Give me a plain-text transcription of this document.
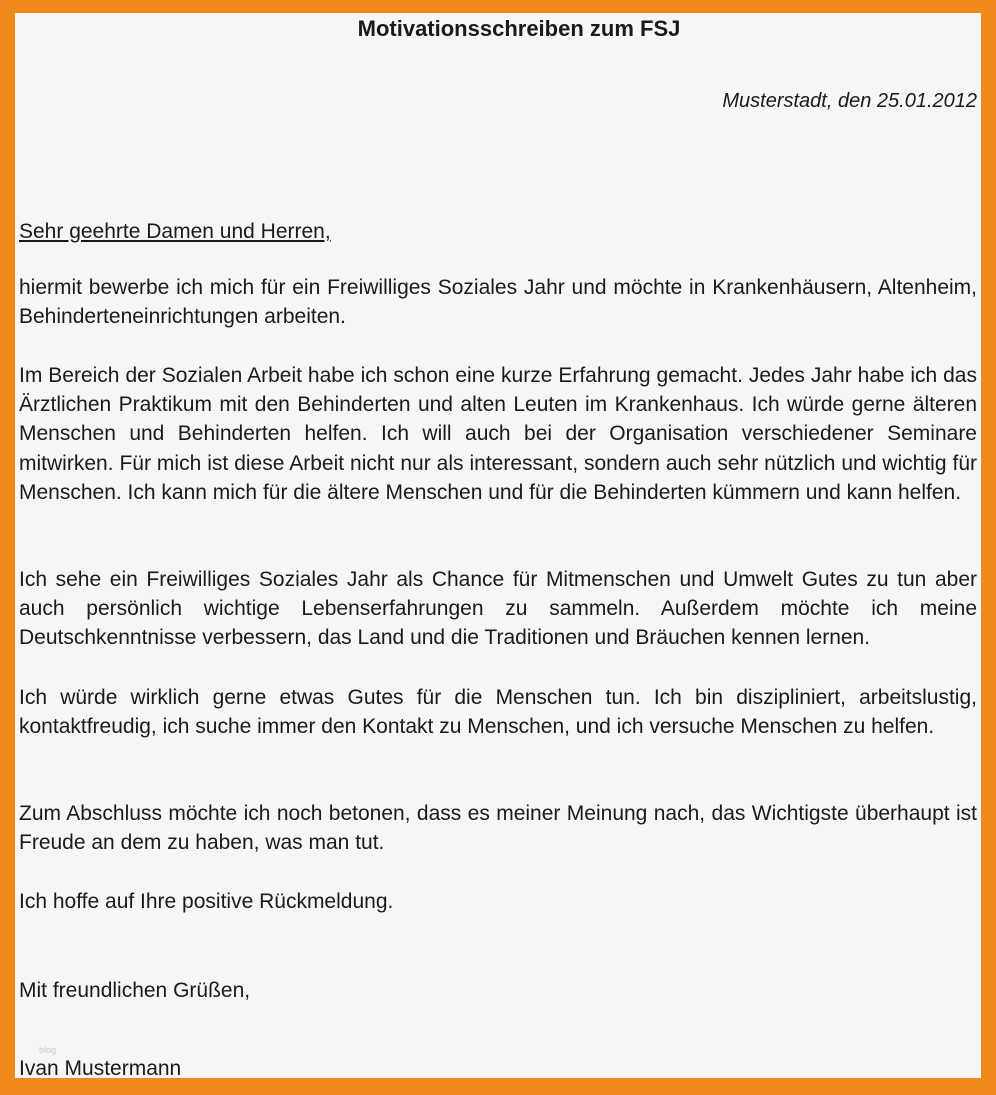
Motivationsschreiben zum FSJ
Musterstadt, den 25.01.2012
Sehr geehrte Damen und Herren,

hiermit bewerbe ich mich für ein Freiwilliges Soziales Jahr und möchte in Krankenhäusern, Altenheim, Behinderteneinrichtungen arbeiten.

Im Bereich der Sozialen Arbeit habe ich schon eine kurze Erfahrung gemacht. Jedes Jahr habe ich das Ärztlichen Praktikum mit den Behinderten und alten Leuten im Krankenhaus. Ich würde gerne älteren Menschen und Behinderten helfen. Ich will auch bei der Organisation verschiedener Seminare mitwirken. Für mich ist diese Arbeit nicht nur als interessant, sondern auch sehr nützlich und wichtig für Menschen. Ich kann mich für die ältere Menschen und für die Behinderten kümmern und kann helfen.

Ich sehe ein Freiwilliges Soziales Jahr als Chance für Mitmenschen und Umwelt Gutes zu tun aber auch persönlich wichtige Lebenserfahrungen zu sammeln. Außerdem möchte ich meine Deutschkenntnisse verbessern, das Land und die Traditionen und Bräuchen kennen lernen.

Ich würde wirklich gerne etwas Gutes für die Menschen tun. Ich bin diszipliniert, arbeitslustig, kontaktfreudig, ich suche immer den Kontakt zu Menschen, und ich versuche Menschen zu helfen.

Zum Abschluss möchte ich noch betonen, dass es meiner Meinung nach, das Wichtigste überhaupt ist Freude an dem zu haben, was man tut.

Ich hoffe auf Ihre positive Rückmeldung.

Mit freundlichen Grüßen,
Ivan Mustermann
blog
